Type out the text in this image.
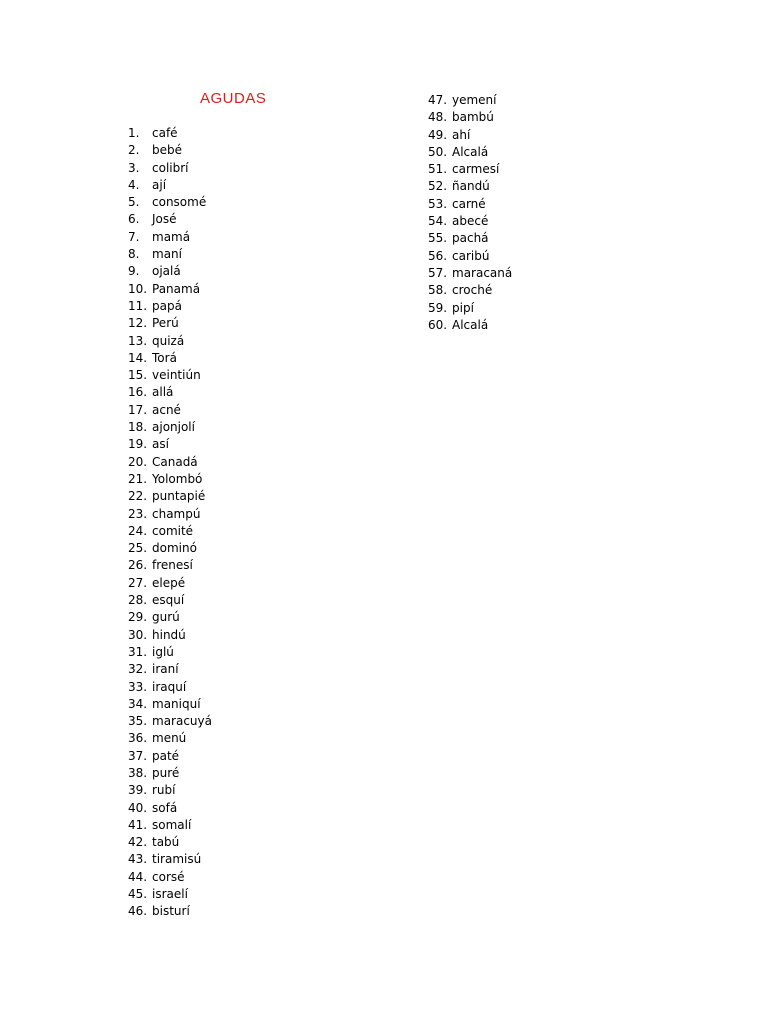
AGUDAS
1. café
2. bebé
3. colibrí
4. ají
5. consomé
6. José
7. mamá
8. maní
9. ojalá
10. Panamá
11. papá
12. Perú
13. quizá
14. Torá
15. veintiún
16. allá
17. acné
18. ajonjolí
19. así
20. Canadá
21. Yolombó
22. puntapié
23. champú
24. comité
25. dominó
26. frenesí
27. elepé
28. esquí
29. gurú
30. hindú
31. iglú
32. iraní
33. iraquí
34. maniquí
35. maracuyá
36. menú
37. paté
38. puré
39. rubí
40. sofá
41. somalí
42. tabú
43. tiramisú
44. corsé
45. israelí
46. bisturí
47. yemení
48. bambú
49. ahí
50. Alcalá
51. carmesí
52. ñandú
53. carné
54. abecé
55. pachá
56. caribú
57. maracaná
58. croché
59. pipí
60. Alcalá
